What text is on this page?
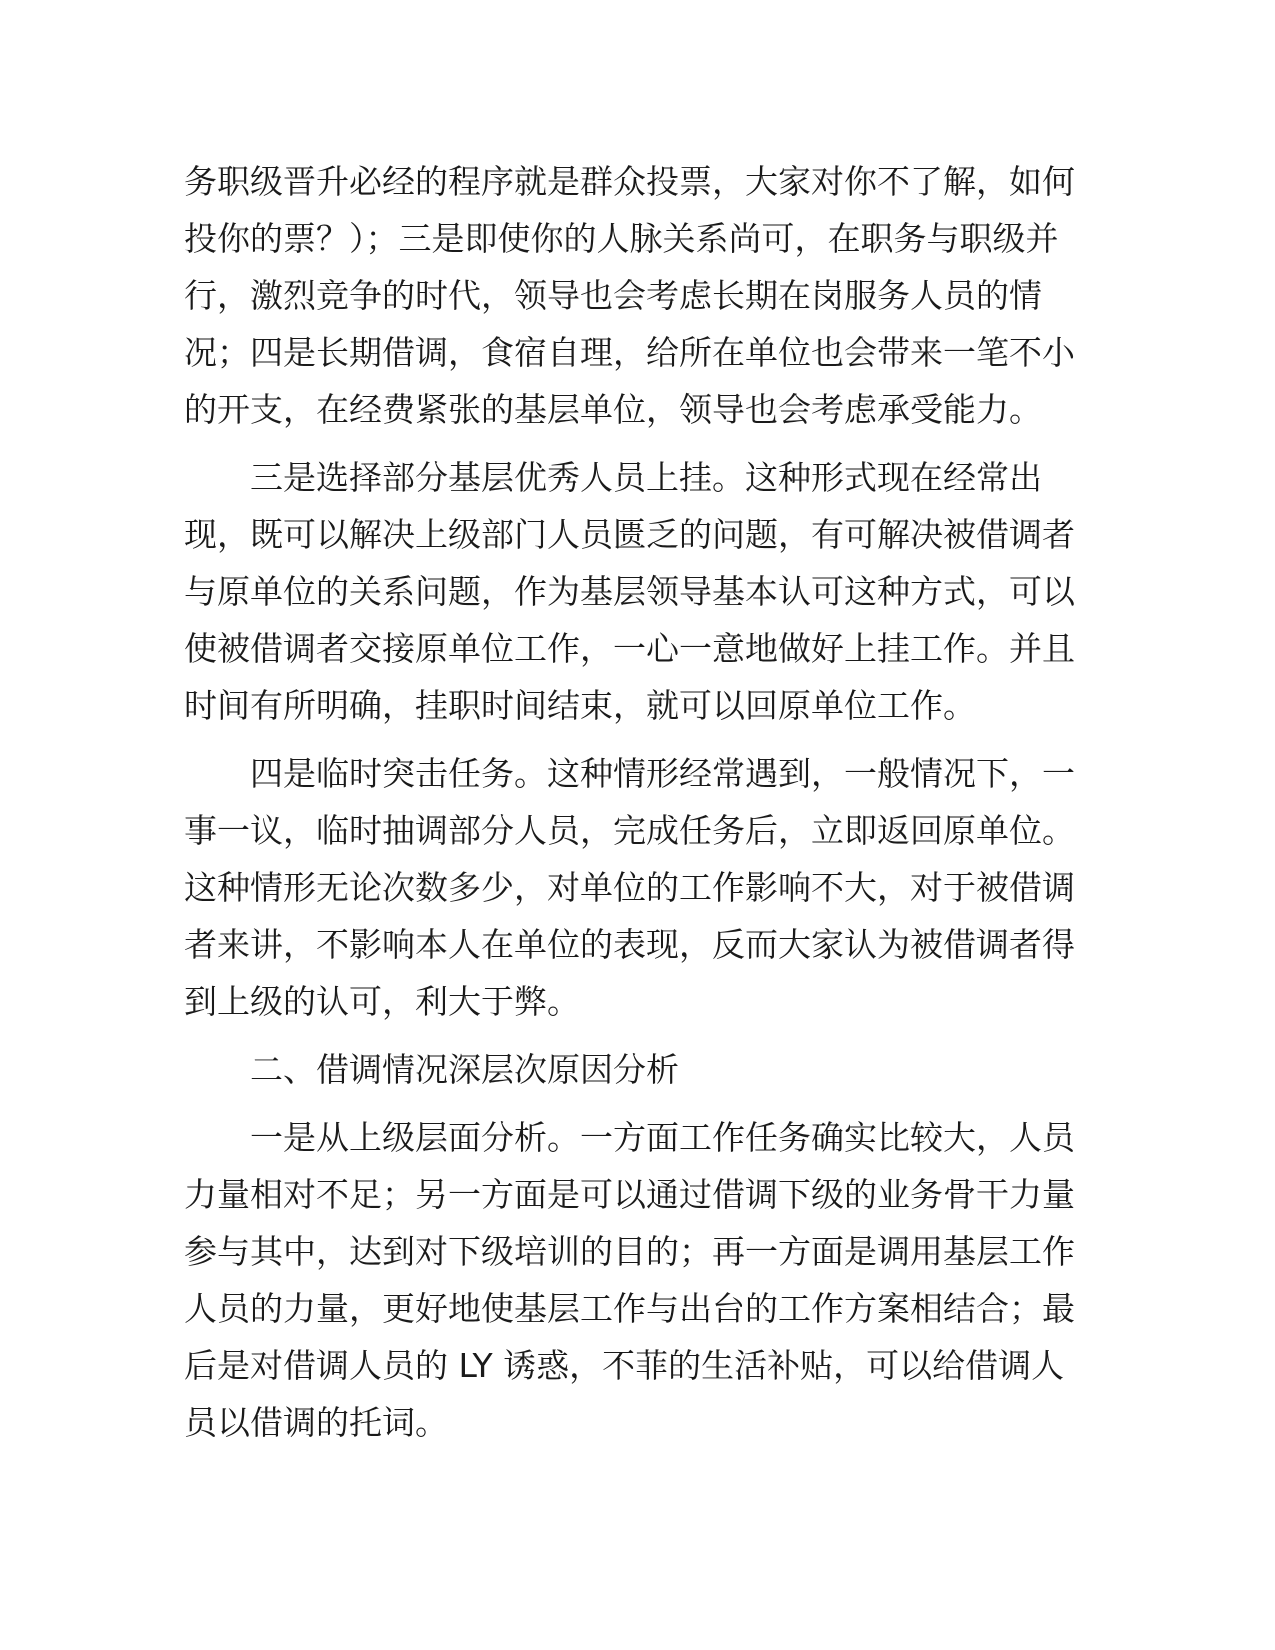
务职级晋升必经的程序就是群众投票，大家对你不了解，如何
投你的票？）；三是即使你的人脉关系尚可，在职务与职级并
行，激烈竞争的时代，领导也会考虑长期在岗服务人员的情
况；四是长期借调，食宿自理，给所在单位也会带来一笔不小
的开支，在经费紧张的基层单位，领导也会考虑承受能力。
三是选择部分基层优秀人员上挂。这种形式现在经常出
现，既可以解决上级部门人员匮乏的问题，有可解决被借调者
与原单位的关系问题，作为基层领导基本认可这种方式，可以
使被借调者交接原单位工作，一心一意地做好上挂工作。并且
时间有所明确，挂职时间结束，就可以回原单位工作。
四是临时突击任务。这种情形经常遇到，一般情况下，一
事一议，临时抽调部分人员，完成任务后，立即返回原单位。
这种情形无论次数多少，对单位的工作影响不大，对于被借调
者来讲，不影响本人在单位的表现，反而大家认为被借调者得
到上级的认可，利大于弊。
二、借调情况深层次原因分析
一是从上级层面分析。一方面工作任务确实比较大，人员
力量相对不足；另一方面是可以通过借调下级的业务骨干力量
参与其中，达到对下级培训的目的；再一方面是调用基层工作
人员的力量，更好地使基层工作与出台的工作方案相结合；最
后是对借调人员的 LY 诱惑，不菲的生活补贴，可以给借调人
员以借调的托词。
